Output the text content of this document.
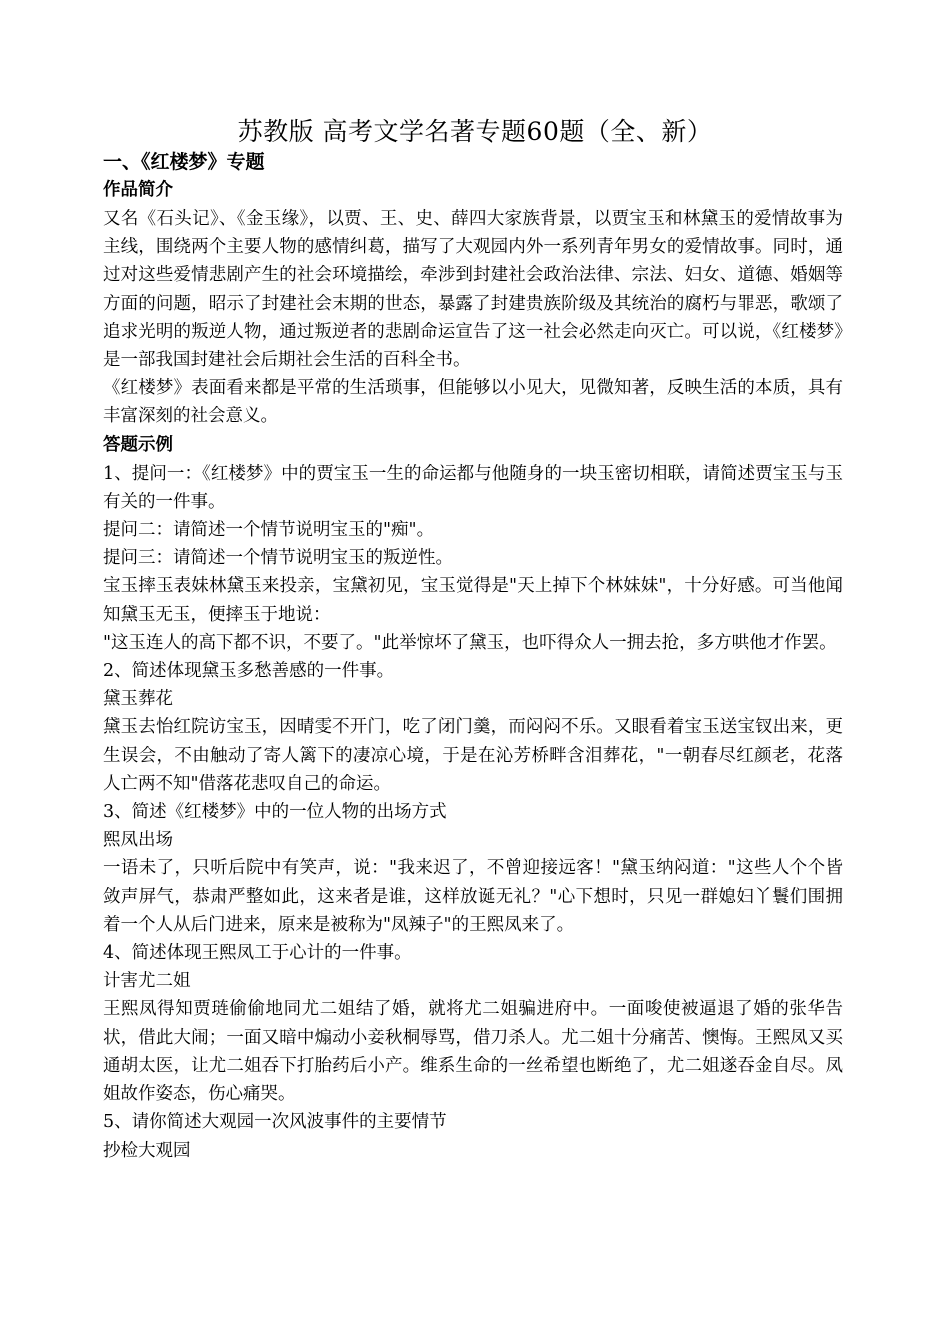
苏教版 高考文学名著专题60题（全、新）

一、《红楼梦》专题

作品简介

又名《石头记》、《金玉缘》，以贾、王、史、薛四大家族背景，以贾宝玉和林黛玉的爱情故事为主线，围绕两个主要人物的感情纠葛，描写了大观园内外一系列青年男女的爱情故事。同时，通过对这些爱情悲剧产生的社会环境描绘，牵涉到封建社会政治法律、宗法、妇女、道德、婚姻等方面的问题，昭示了封建社会末期的世态，暴露了封建贵族阶级及其统治的腐朽与罪恶，歌颂了追求光明的叛逆人物，通过叛逆者的悲剧命运宣告了这一社会必然走向灭亡。可以说，《红楼梦》是一部我国封建社会后期社会生活的百科全书。

《红楼梦》表面看来都是平常的生活琐事，但能够以小见大，见微知著，反映生活的本质，具有丰富深刻的社会意义。

答题示例

1、提问一：《红楼梦》中的贾宝玉一生的命运都与他随身的一块玉密切相联，请简述贾宝玉与玉有关的一件事。

提问二：请简述一个情节说明宝玉的"痴"。

提问三：请简述一个情节说明宝玉的叛逆性。

宝玉摔玉表妹林黛玉来投亲，宝黛初见，宝玉觉得是"天上掉下个林妹妹"，十分好感。可当他闻知黛玉无玉，便摔玉于地说：

"这玉连人的高下都不识，不要了。"此举惊坏了黛玉，也吓得众人一拥去抢，多方哄他才作罢。

2、简述体现黛玉多愁善感的一件事。

黛玉葬花

黛玉去怡红院访宝玉，因晴雯不开门，吃了闭门羹，而闷闷不乐。又眼看着宝玉送宝钗出来，更生误会，不由触动了寄人篱下的凄凉心境，于是在沁芳桥畔含泪葬花，"一朝春尽红颜老，花落人亡两不知"借落花悲叹自己的命运。

3、简述《红楼梦》中的一位人物的出场方式

熙凤出场

一语未了，只听后院中有笑声，说："我来迟了，不曾迎接远客！"黛玉纳闷道："这些人个个皆敛声屏气，恭肃严整如此，这来者是谁，这样放诞无礼？"心下想时，只见一群媳妇丫鬟们围拥着一个人从后门进来，原来是被称为"凤辣子"的王熙凤来了。

4、简述体现王熙凤工于心计的一件事。

计害尤二姐

王熙凤得知贾琏偷偷地同尤二姐结了婚，就将尤二姐骗进府中。一面唆使被逼退了婚的张华告状，借此大闹；一面又暗中煽动小妾秋桐辱骂，借刀杀人。尤二姐十分痛苦、懊悔。王熙凤又买通胡太医，让尤二姐吞下打胎药后小产。维系生命的一丝希望也断绝了，尤二姐遂吞金自尽。凤姐故作姿态，伤心痛哭。

5、请你简述大观园一次风波事件的主要情节

抄检大观园
